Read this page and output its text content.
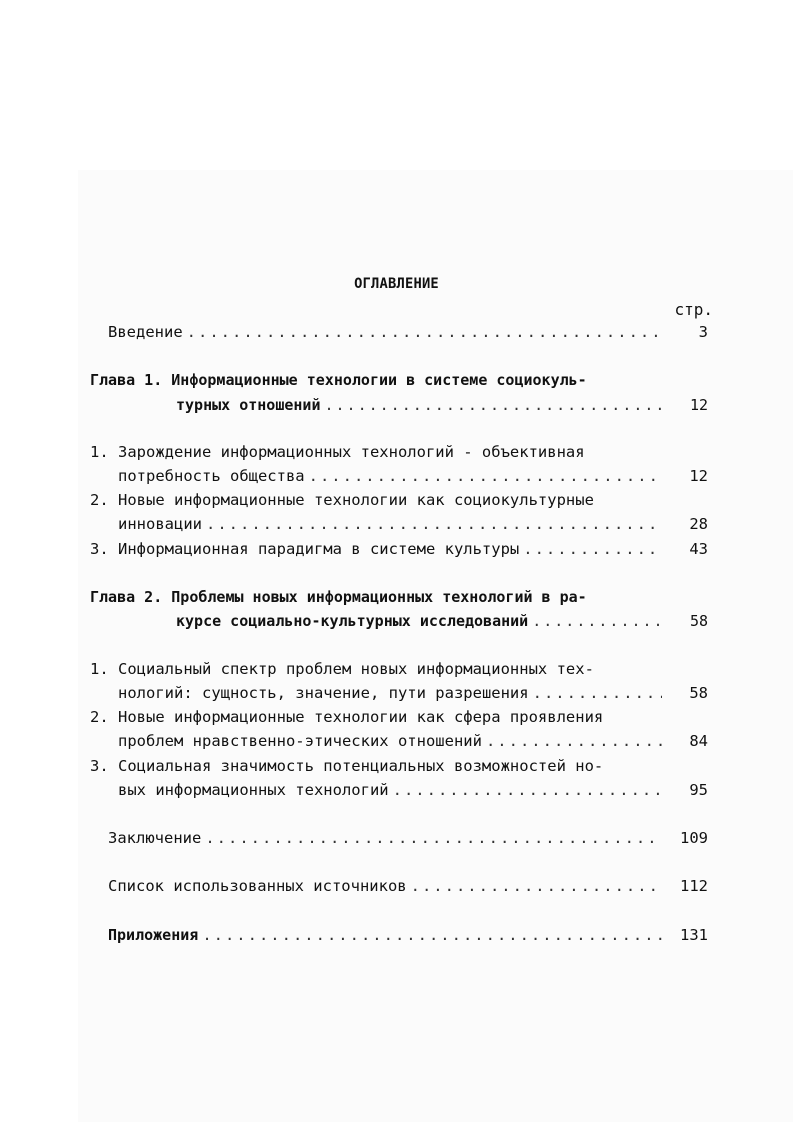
ОГЛАВЛЕНИЕ
стр.
Введение .....	3
Глава 1. Информационные технологии в системе социокуль-
турных отношений .....	12
1. Зарождение информационных технологий - объективная
потребность общества .....	12
2. Новые информационные технологии как социокультурные
инновации .....	28
3. Информационная парадигма в системе культуры .....	43
Глава 2. Проблемы новых информационных технологий в ра-
курсе социально-культурных исследований .....	58
1. Социальный спектр проблем новых информационных тех-
нологий: сущность, значение, пути разрешения .....	58
2. Новые информационные технологии как сфера проявления
проблем нравственно-этических отношений .....	84
3. Социальная значимость потенциальных возможностей но-
вых информационных технологий .....	95
Заключение .....	109
Список использованных источников .....	112
Приложения .....	131
